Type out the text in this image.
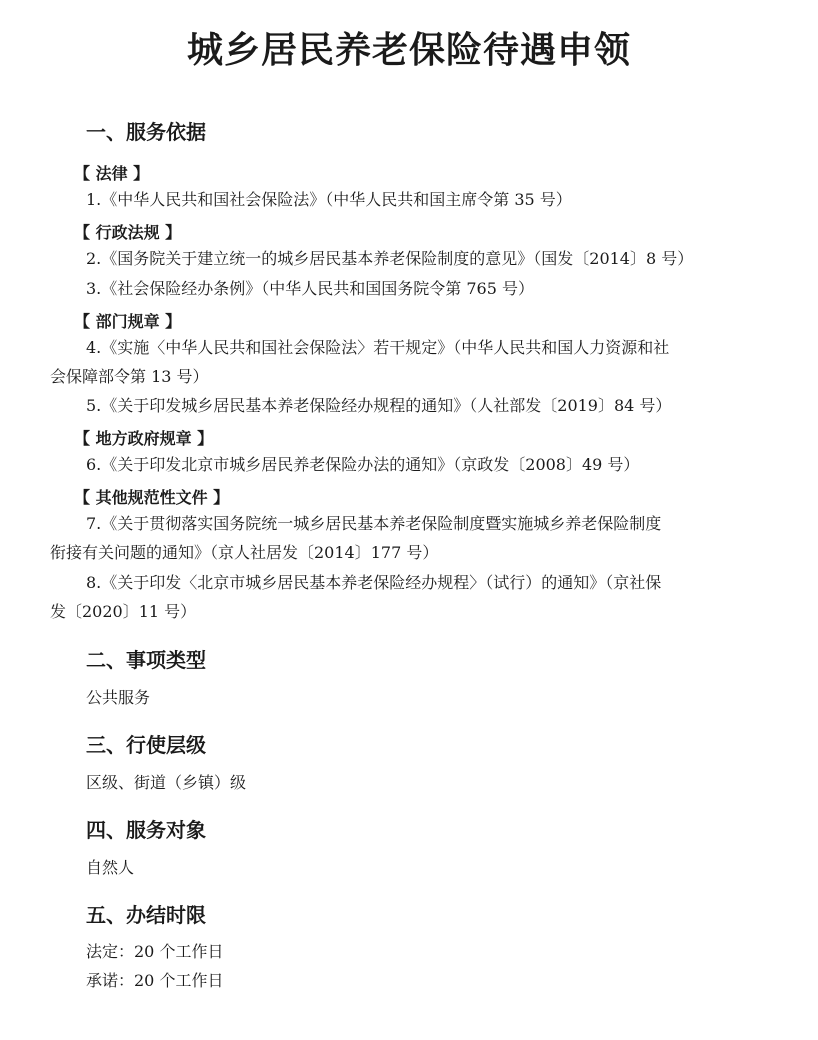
城乡居民养老保险待遇申领
一、服务依据
【 法律 】
1.《中华人民共和国社会保险法》（中华人民共和国主席令第 35 号）
【 行政法规 】
2.《国务院关于建立统一的城乡居民基本养老保险制度的意见》（国发〔2014〕8 号）
3.《社会保险经办条例》（中华人民共和国国务院令第 765 号）
【 部门规章 】
4.《实施〈中华人民共和国社会保险法〉若干规定》（中华人民共和国人力资源和社
会保障部令第 13 号）
5.《关于印发城乡居民基本养老保险经办规程的通知》（人社部发〔2019〕84 号）
【 地方政府规章 】
6.《关于印发北京市城乡居民养老保险办法的通知》（京政发〔2008〕49 号）
【 其他规范性文件 】
7.《关于贯彻落实国务院统一城乡居民基本养老保险制度暨实施城乡养老保险制度
衔接有关问题的通知》（京人社居发〔2014〕177 号）
8.《关于印发〈北京市城乡居民基本养老保险经办规程〉（试行）的通知》（京社保
发〔2020〕11 号）
二、事项类型
公共服务
三、行使层级
区级、街道（乡镇）级
四、服务对象
自然人
五、办结时限
法定：20 个工作日
承诺：20 个工作日
